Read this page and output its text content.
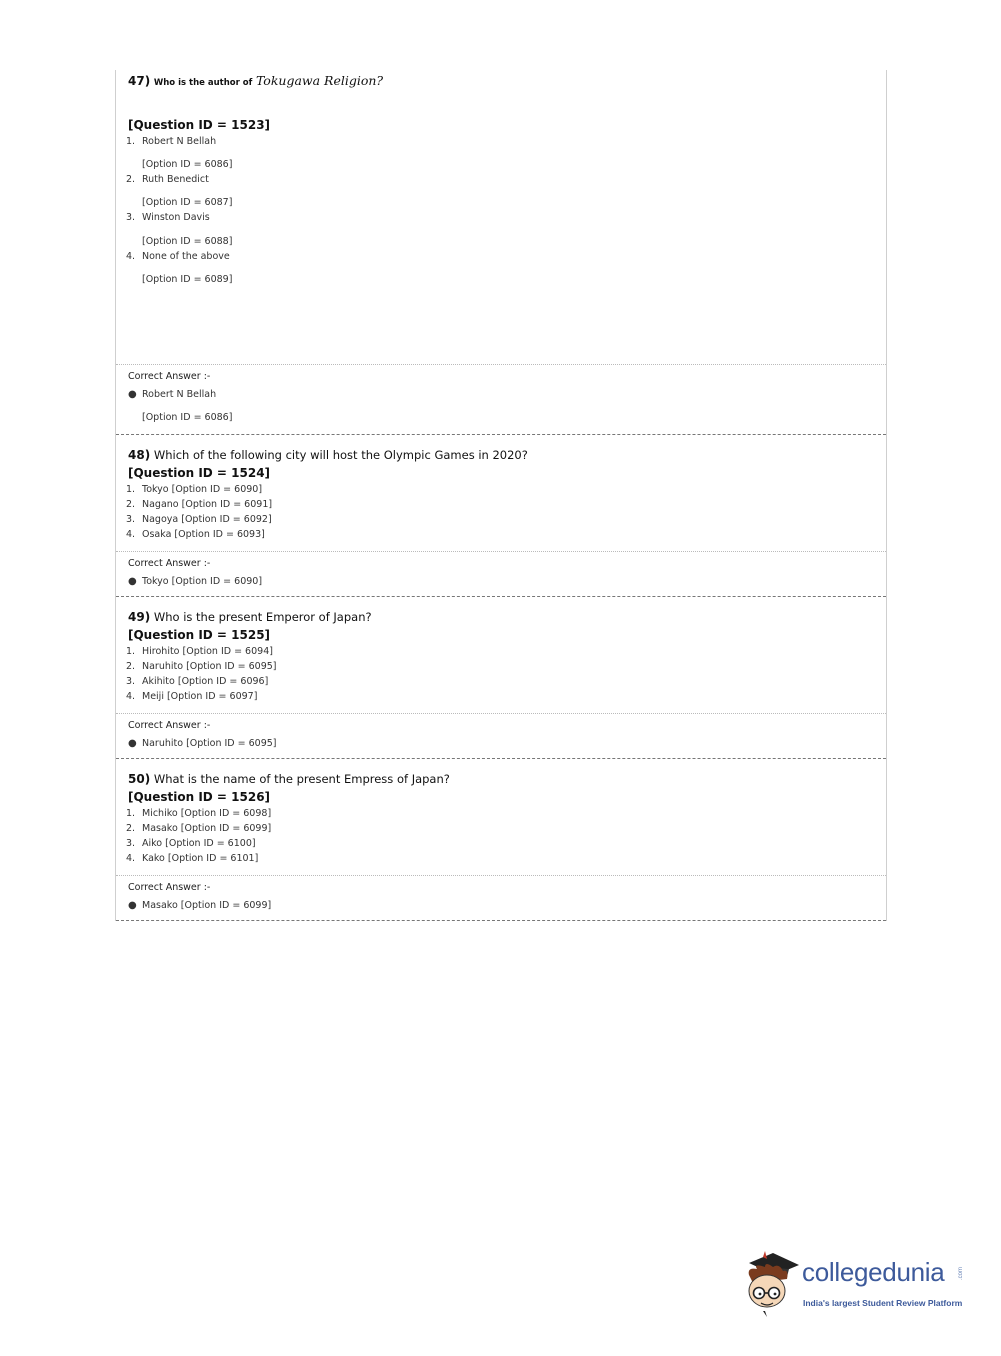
47) Who is the author of Tokugawa Religion?
[Question ID = 1523]
1. Robert N Bellah
[Option ID = 6086]
2. Ruth Benedict
[Option ID = 6087]
3. Winston Davis
[Option ID = 6088]
4. None of the above
[Option ID = 6089]
Correct Answer :-
● Robert N Bellah
[Option ID = 6086]
48) Which of the following city will host the Olympic Games in 2020?
[Question ID = 1524]
1. Tokyo [Option ID = 6090]
2. Nagano [Option ID = 6091]
3. Nagoya [Option ID = 6092]
4. Osaka [Option ID = 6093]
Correct Answer :-
● Tokyo [Option ID = 6090]
49) Who is the present Emperor of Japan?
[Question ID = 1525]
1. Hirohito [Option ID = 6094]
2. Naruhito [Option ID = 6095]
3. Akihito [Option ID = 6096]
4. Meiji [Option ID = 6097]
Correct Answer :-
● Naruhito [Option ID = 6095]
50) What is the name of the present Empress of Japan?
[Question ID = 1526]
1. Michiko [Option ID = 6098]
2. Masako [Option ID = 6099]
3. Aiko [Option ID = 6100]
4. Kako [Option ID = 6101]
Correct Answer :-
● Masako [Option ID = 6099]
collegedunia .com
India's largest Student Review Platform
